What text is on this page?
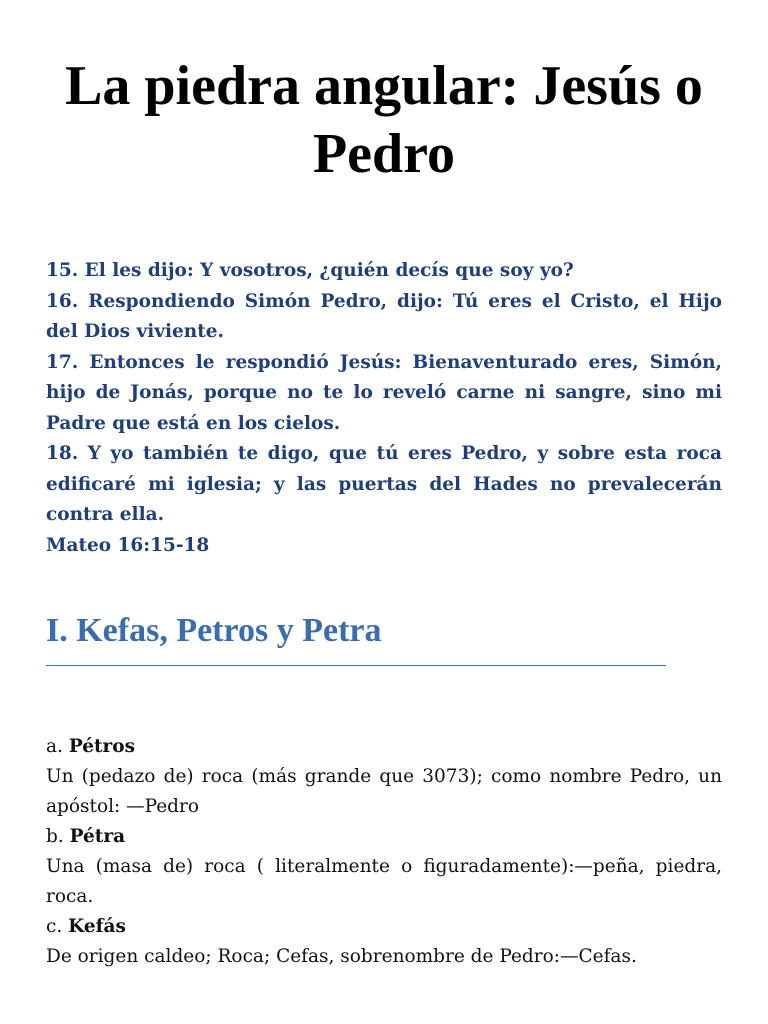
La piedra angular: Jesús o Pedro

15. El les dijo: Y vosotros, ¿quién decís que soy yo?

16. Respondiendo Simón Pedro, dijo: Tú eres el Cristo, el Hijo del Dios viviente.

17. Entonces le respondió Jesús: Bienaventurado eres, Simón, hijo de Jonás, porque no te lo reveló carne ni sangre, sino mi Padre que está en los cielos.

18. Y yo también te digo, que tú eres Pedro, y sobre esta roca edificaré mi iglesia; y las puertas del Hades no prevalecerán contra ella.

Mateo 16:15-18

I. Kefas, Petros y Petra

a. Pétros

Un (pedazo de) roca (más grande que 3073); como nombre Pedro, un apóstol: —Pedro

b. Pétra

Una (masa de) roca ( literalmente o figuradamente):—peña, piedra, roca.

c. Kefás

De origen caldeo; Roca; Cefas, sobrenombre de Pedro:—Cefas.
